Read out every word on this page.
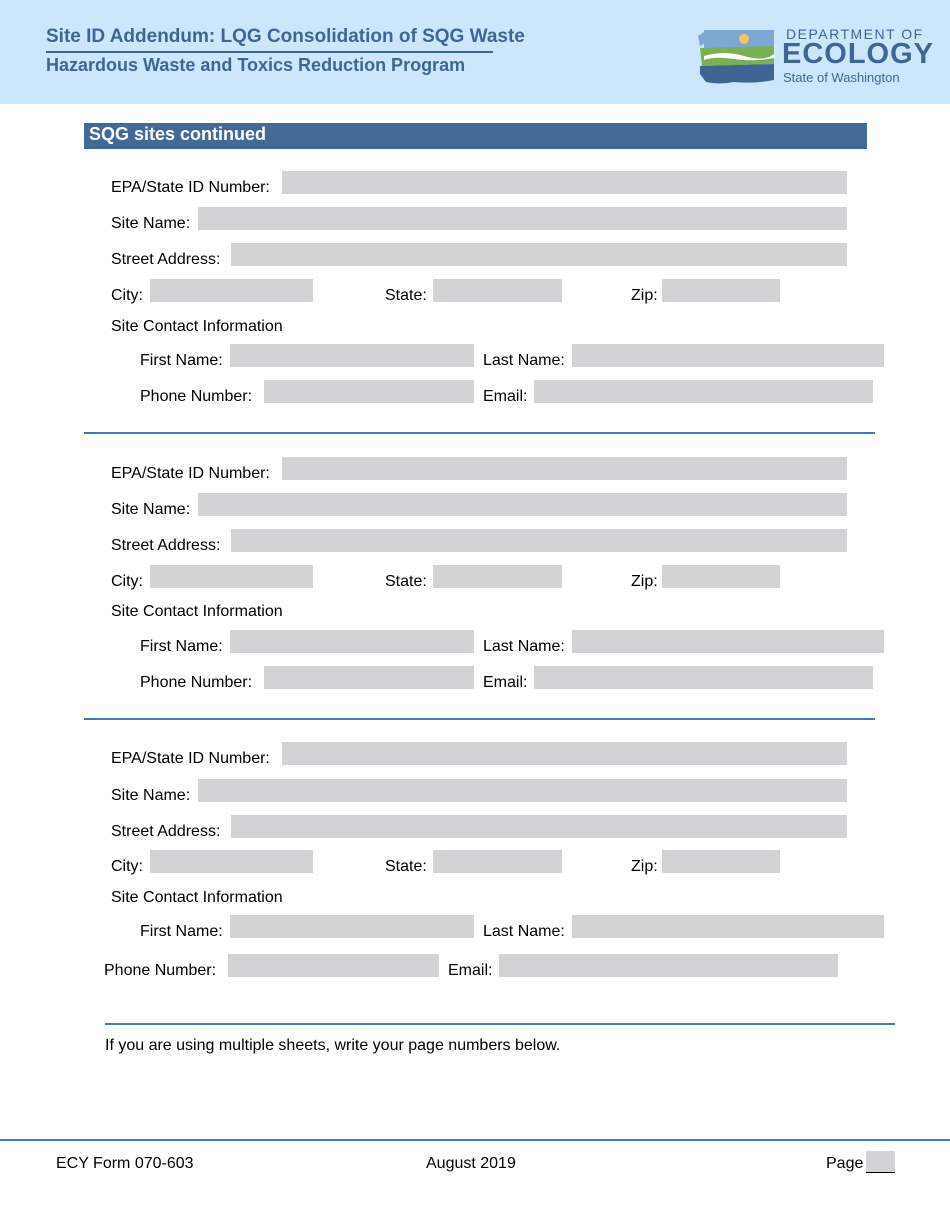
Site ID Addendum: LQG Consolidation of SQG Waste
Hazardous Waste and Toxics Reduction Program
DEPARTMENT OF
ECOLOGY
State of Washington
SQG sites continued
EPA/State ID Number:
Site Name:
Street Address:
City:	State:	Zip:
Site Contact Information
First Name:	Last Name:
Phone Number:	Email:
EPA/State ID Number:
Site Name:
Street Address:
City:	State:	Zip:
Site Contact Information
First Name:	Last Name:
Phone Number:	Email:
EPA/State ID Number:
Site Name:
Street Address:
City:	State:	Zip:
Site Contact Information
First Name:	Last Name:
Phone Number:	Email:
If you are using multiple sheets, write your page numbers below.
ECY Form 070-603	August 2019	Page
